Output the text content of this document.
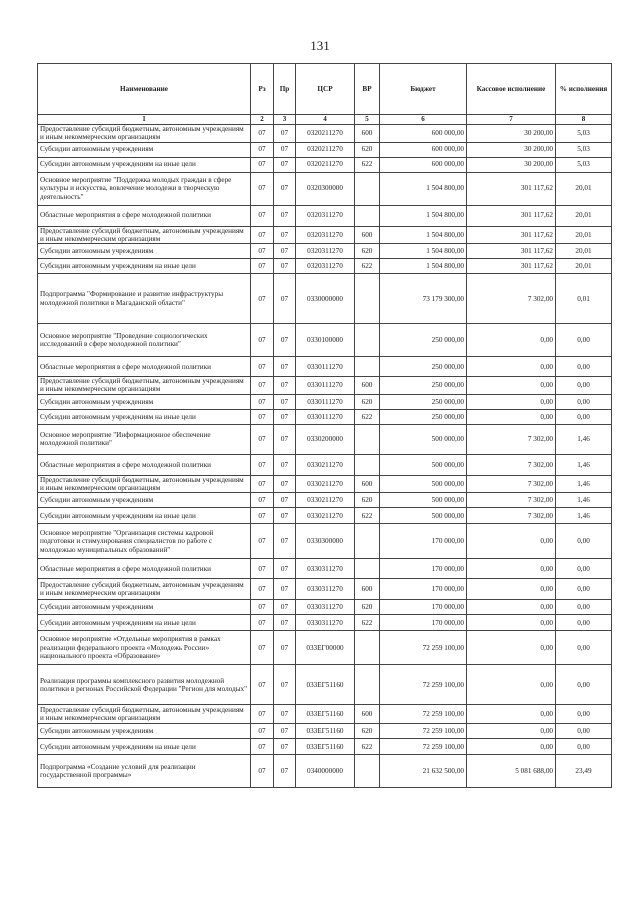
131
Наименование	Рз	Пр	ЦСР	ВР	Бюджет	Кассовое исполнение	% исполнения
1	2	3	4	5	6	7	8
Предоставление субсидий бюджетным, автономным учреждениям и иным некоммерческим организациям	07	07	0320211270	600	600 000,00	30 200,00	5,03
Субсидии автономным учреждениям	07	07	0320211270	620	600 000,00	30 200,00	5,03
Субсидии автономным учреждениям на иные цели	07	07	0320211270	622	600 000,00	30 200,00	5,03
Основное мероприятие "Поддержка молодых граждан в сфере культуры и искусства, вовлечение молодежи в творческую деятельность"	07	07	0320300000		1 504 800,00	301 117,62	20,01
Областные мероприятия в сфере молодежной политики	07	07	0320311270		1 504 800,00	301 117,62	20,01
Предоставление субсидий бюджетным, автономным учреждениям и иным некоммерческим организациям	07	07	0320311270	600	1 504 800,00	301 117,62	20,01
Субсидии автономным учреждениям	07	07	0320311270	620	1 504 800,00	301 117,62	20,01
Субсидии автономным учреждениям на иные цели	07	07	0320311270	622	1 504 800,00	301 117,62	20,01
Подпрограмма "Формирование и развитие инфраструктуры молодежной политики в Магаданской области"	07	07	0330000000		73 179 300,00	7 302,00	0,01
Основное мероприятие "Проведение социологических исследований в сфере молодежной политики"	07	07	0330100000		250 000,00	0,00	0,00
Областные мероприятия в сфере молодежной политики	07	07	0330111270		250 000,00	0,00	0,00
Предоставление субсидий бюджетным, автономным учреждениям и иным некоммерческим организациям	07	07	0330111270	600	250 000,00	0,00	0,00
Субсидии автономным учреждениям	07	07	0330111270	620	250 000,00	0,00	0,00
Субсидии автономным учреждениям на иные цели	07	07	0330111270	622	250 000,00	0,00	0,00
Основное мероприятие "Информационное обеспечение молодежной политики"	07	07	0330200000		500 000,00	7 302,00	1,46
Областные мероприятия в сфере молодежной политики	07	07	0330211270		500 000,00	7 302,00	1,46
Предоставление субсидий бюджетным, автономным учреждениям и иным некоммерческим организациям	07	07	0330211270	600	500 000,00	7 302,00	1,46
Субсидии автономным учреждениям	07	07	0330211270	620	500 000,00	7 302,00	1,46
Субсидии автономным учреждениям на иные цели	07	07	0330211270	622	500 000,00	7 302,00	1,46
Основное мероприятие "Организация системы кадровой подготовки и стимулирования специалистов по работе с молодежью муниципальных образований"	07	07	0330300000		170 000,00	0,00	0,00
Областные мероприятия в сфере молодежной политики	07	07	0330311270		170 000,00	0,00	0,00
Предоставление субсидий бюджетным, автономным учреждениям и иным некоммерческим организациям	07	07	0330311270	600	170 000,00	0,00	0,00
Субсидии автономным учреждениям	07	07	0330311270	620	170 000,00	0,00	0,00
Субсидии автономным учреждениям на иные цели	07	07	0330311270	622	170 000,00	0,00	0,00
Основное мероприятие «Отдельные мероприятия в рамках реализации федерального проекта «Молодежь России» национального проекта «Образование»	07	07	033ЕГ00000		72 259 100,00	0,00	0,00
Реализация программы комплексного развития молодежной политики в регионах Российской Федерации "Регион для молодых"	07	07	033ЕГ51160		72 259 100,00	0,00	0,00
Предоставление субсидий бюджетным, автономным учреждениям и иным некоммерческим организациям	07	07	033ЕГ51160	600	72 259 100,00	0,00	0,00
Субсидии автономным учреждениям	07	07	033ЕГ51160	620	72 259 100,00	0,00	0,00
Субсидии автономным учреждениям на иные цели	07	07	033ЕГ51160	622	72 259 100,00	0,00	0,00
Подпрограмма «Создание условий для реализации государственной программы»	07	07	0340000000		21 632 500,00	5 081 688,00	23,49
